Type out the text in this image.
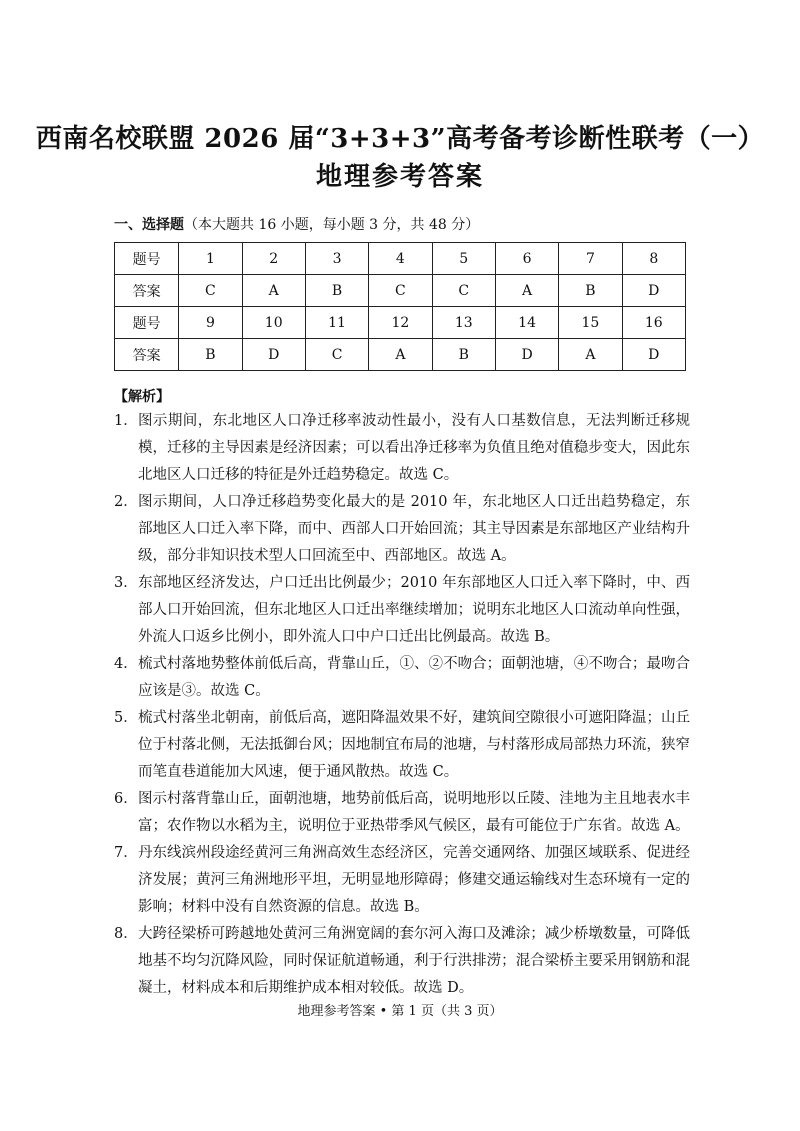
西南名校联盟 2026 届“3+3+3”高考备考诊断性联考（一）
地理参考答案
一、选择题（本大题共 16 小题，每小题 3 分，共 48 分）
题号	1	2	3	4	5	6	7	8
答案	C	A	B	C	C	A	B	D
题号	9	10	11	12	13	14	15	16
答案	B	D	C	A	B	D	A	D
【解析】
1． 图示期间，东北地区人口净迁移率波动性最小，没有人口基数信息，无法判断迁移规模，迁移的主导因素是经济因素；可以看出净迁移率为负值且绝对值稳步变大，因此东北地区人口迁移的特征是外迁趋势稳定。故选 C。
2． 图示期间，人口净迁移趋势变化最大的是 2010 年，东北地区人口迁出趋势稳定，东部地区人口迁入率下降，而中、西部人口开始回流；其主导因素是东部地区产业结构升级，部分非知识技术型人口回流至中、西部地区。故选 A。
3． 东部地区经济发达，户口迁出比例最少；2010 年东部地区人口迁入率下降时，中、西部人口开始回流，但东北地区人口迁出率继续增加；说明东北地区人口流动单向性强，外流人口返乡比例小，即外流人口中户口迁出比例最高。故选 B。
4． 梳式村落地势整体前低后高，背靠山丘，①、②不吻合；面朝池塘，④不吻合；最吻合应该是③。故选 C。
5． 梳式村落坐北朝南，前低后高，遮阳降温效果不好，建筑间空隙很小可遮阳降温；山丘位于村落北侧，无法抵御台风；因地制宜布局的池塘，与村落形成局部热力环流，狭窄而笔直巷道能加大风速，便于通风散热。故选 C。
6． 图示村落背靠山丘，面朝池塘，地势前低后高，说明地形以丘陵、洼地为主且地表水丰富；农作物以水稻为主，说明位于亚热带季风气候区，最有可能位于广东省。故选 A。
7． 丹东线滨州段途经黄河三角洲高效生态经济区，完善交通网络、加强区域联系、促进经济发展；黄河三角洲地形平坦，无明显地形障碍；修建交通运输线对生态环境有一定的影响；材料中没有自然资源的信息。故选 B。
8． 大跨径梁桥可跨越地处黄河三角洲宽阔的套尔河入海口及滩涂；减少桥墩数量，可降低地基不均匀沉降风险，同时保证航道畅通，利于行洪排涝；混合梁桥主要采用钢筋和混凝土，材料成本和后期维护成本相对较低。故选 D。
地理参考答案 • 第 1 页（共 3 页）
